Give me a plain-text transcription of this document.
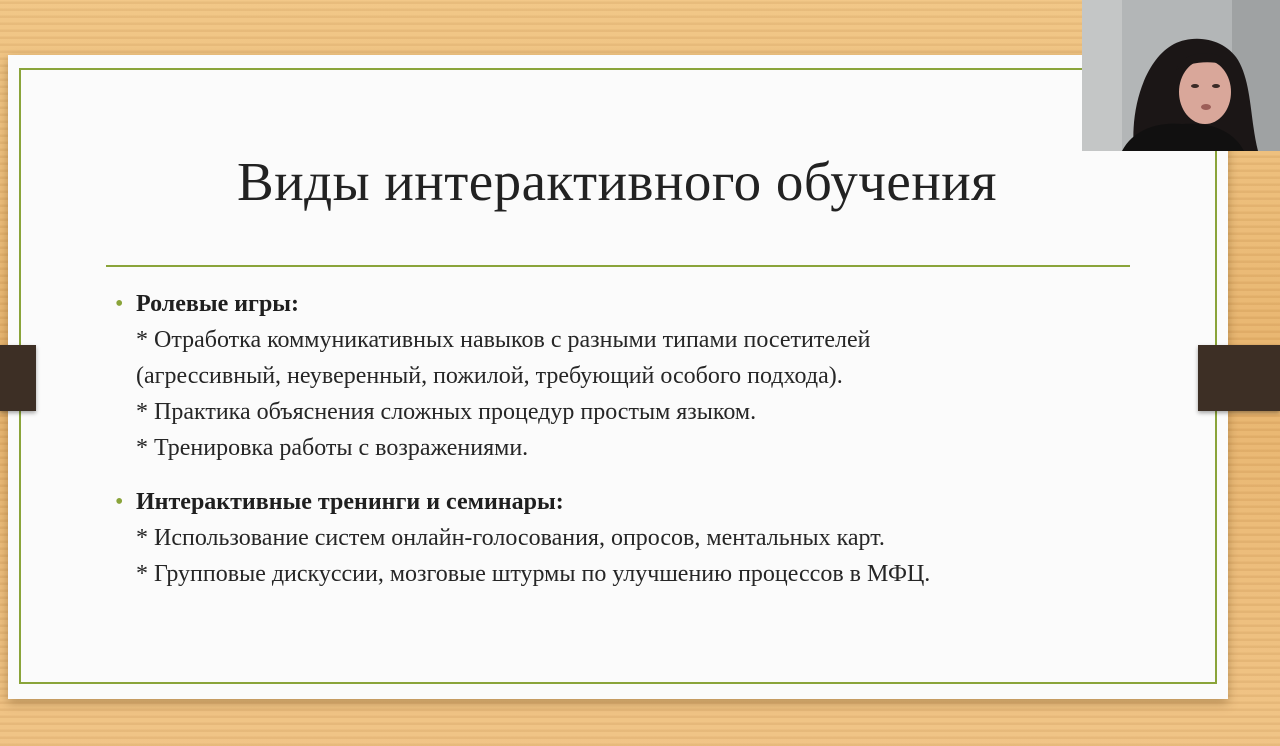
Виды интерактивного обучения
• Ролевые игры:
* Отработка коммуникативных навыков с разными типами посетителей
(агрессивный, неуверенный, пожилой, требующий особого подхода).
* Практика объяснения сложных процедур простым языком.
* Тренировка работы с возражениями.
• Интерактивные тренинги и семинары:
* Использование систем онлайн-голосования, опросов, ментальных карт.
* Групповые дискуссии, мозговые штурмы по улучшению процессов в МФЦ.
